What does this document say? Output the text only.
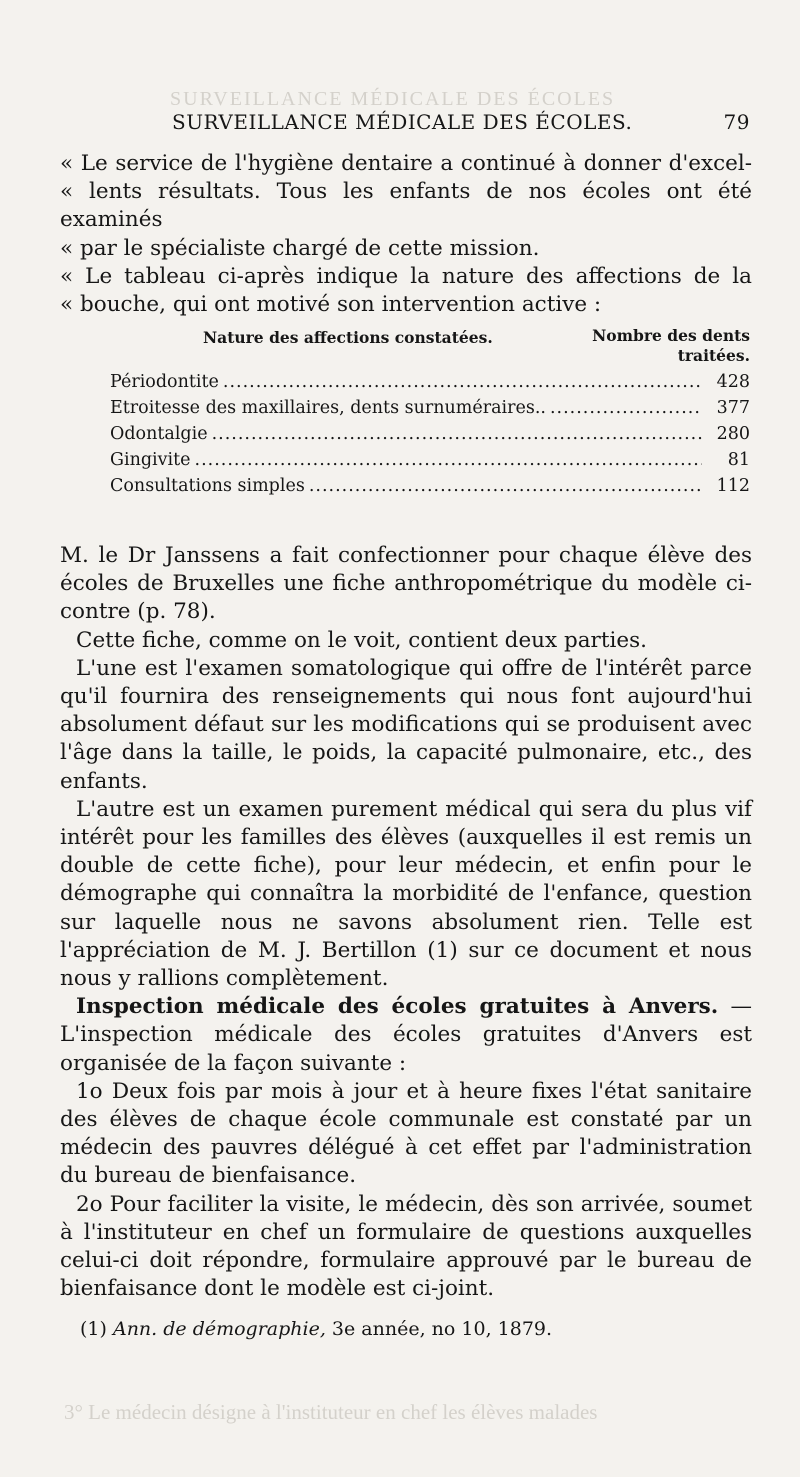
SURVEILLANCE MÉDICALE DES ÉCOLES
3° Le médecin désigne à l'instituteur en chef les élèves malades
SURVEILLANCE MÉDICALE DES ÉCOLES.	79

« Le service de l'hygiène dentaire a continué à donner d'excel-

« lents résultats. Tous les enfants de nos écoles ont été examinés

« par le spécialiste chargé de cette mission.

« Le tableau ci-après indique la nature des affections de la

« bouche, qui ont motivé son intervention active :

Nature des affections constatées.	Nombre des dents
traitées.
Périodontite .....	428
Etroitesse des maxillaires, dents surnuméraires.. .....	377
Odontalgie .....	280
Gingivite .....	81
Consultations simples .....	112

M. le Dr Janssens a fait confectionner pour chaque élève des écoles de Bruxelles une fiche anthropométrique du modèle ci-contre (p. 78).

Cette fiche, comme on le voit, contient deux parties.

L'une est l'examen somatologique qui offre de l'intérêt parce qu'il fournira des renseignements qui nous font aujourd'hui absolument défaut sur les modifications qui se produisent avec l'âge dans la taille, le poids, la capacité pulmonaire, etc., des enfants.

L'autre est un examen purement médical qui sera du plus vif intérêt pour les familles des élèves (auxquelles il est remis un double de cette fiche), pour leur médecin, et enfin pour le démographe qui connaîtra la morbidité de l'enfance, question sur laquelle nous ne savons absolument rien. Telle est l'appréciation de M. J. Bertillon (1) sur ce document et nous nous y rallions complètement.

Inspection médicale des écoles gratuites à Anvers. — L'inspection médicale des écoles gratuites d'Anvers est organisée de la façon suivante :

1o Deux fois par mois à jour et à heure fixes l'état sanitaire des élèves de chaque école communale est constaté par un médecin des pauvres délégué à cet effet par l'administration du bureau de bienfaisance.

2o Pour faciliter la visite, le médecin, dès son arrivée, soumet à l'instituteur en chef un formulaire de questions auxquelles celui-ci doit répondre, formulaire approuvé par le bureau de bienfaisance dont le modèle est ci-joint.

(1) Ann. de démographie, 3e année, no 10, 1879.
